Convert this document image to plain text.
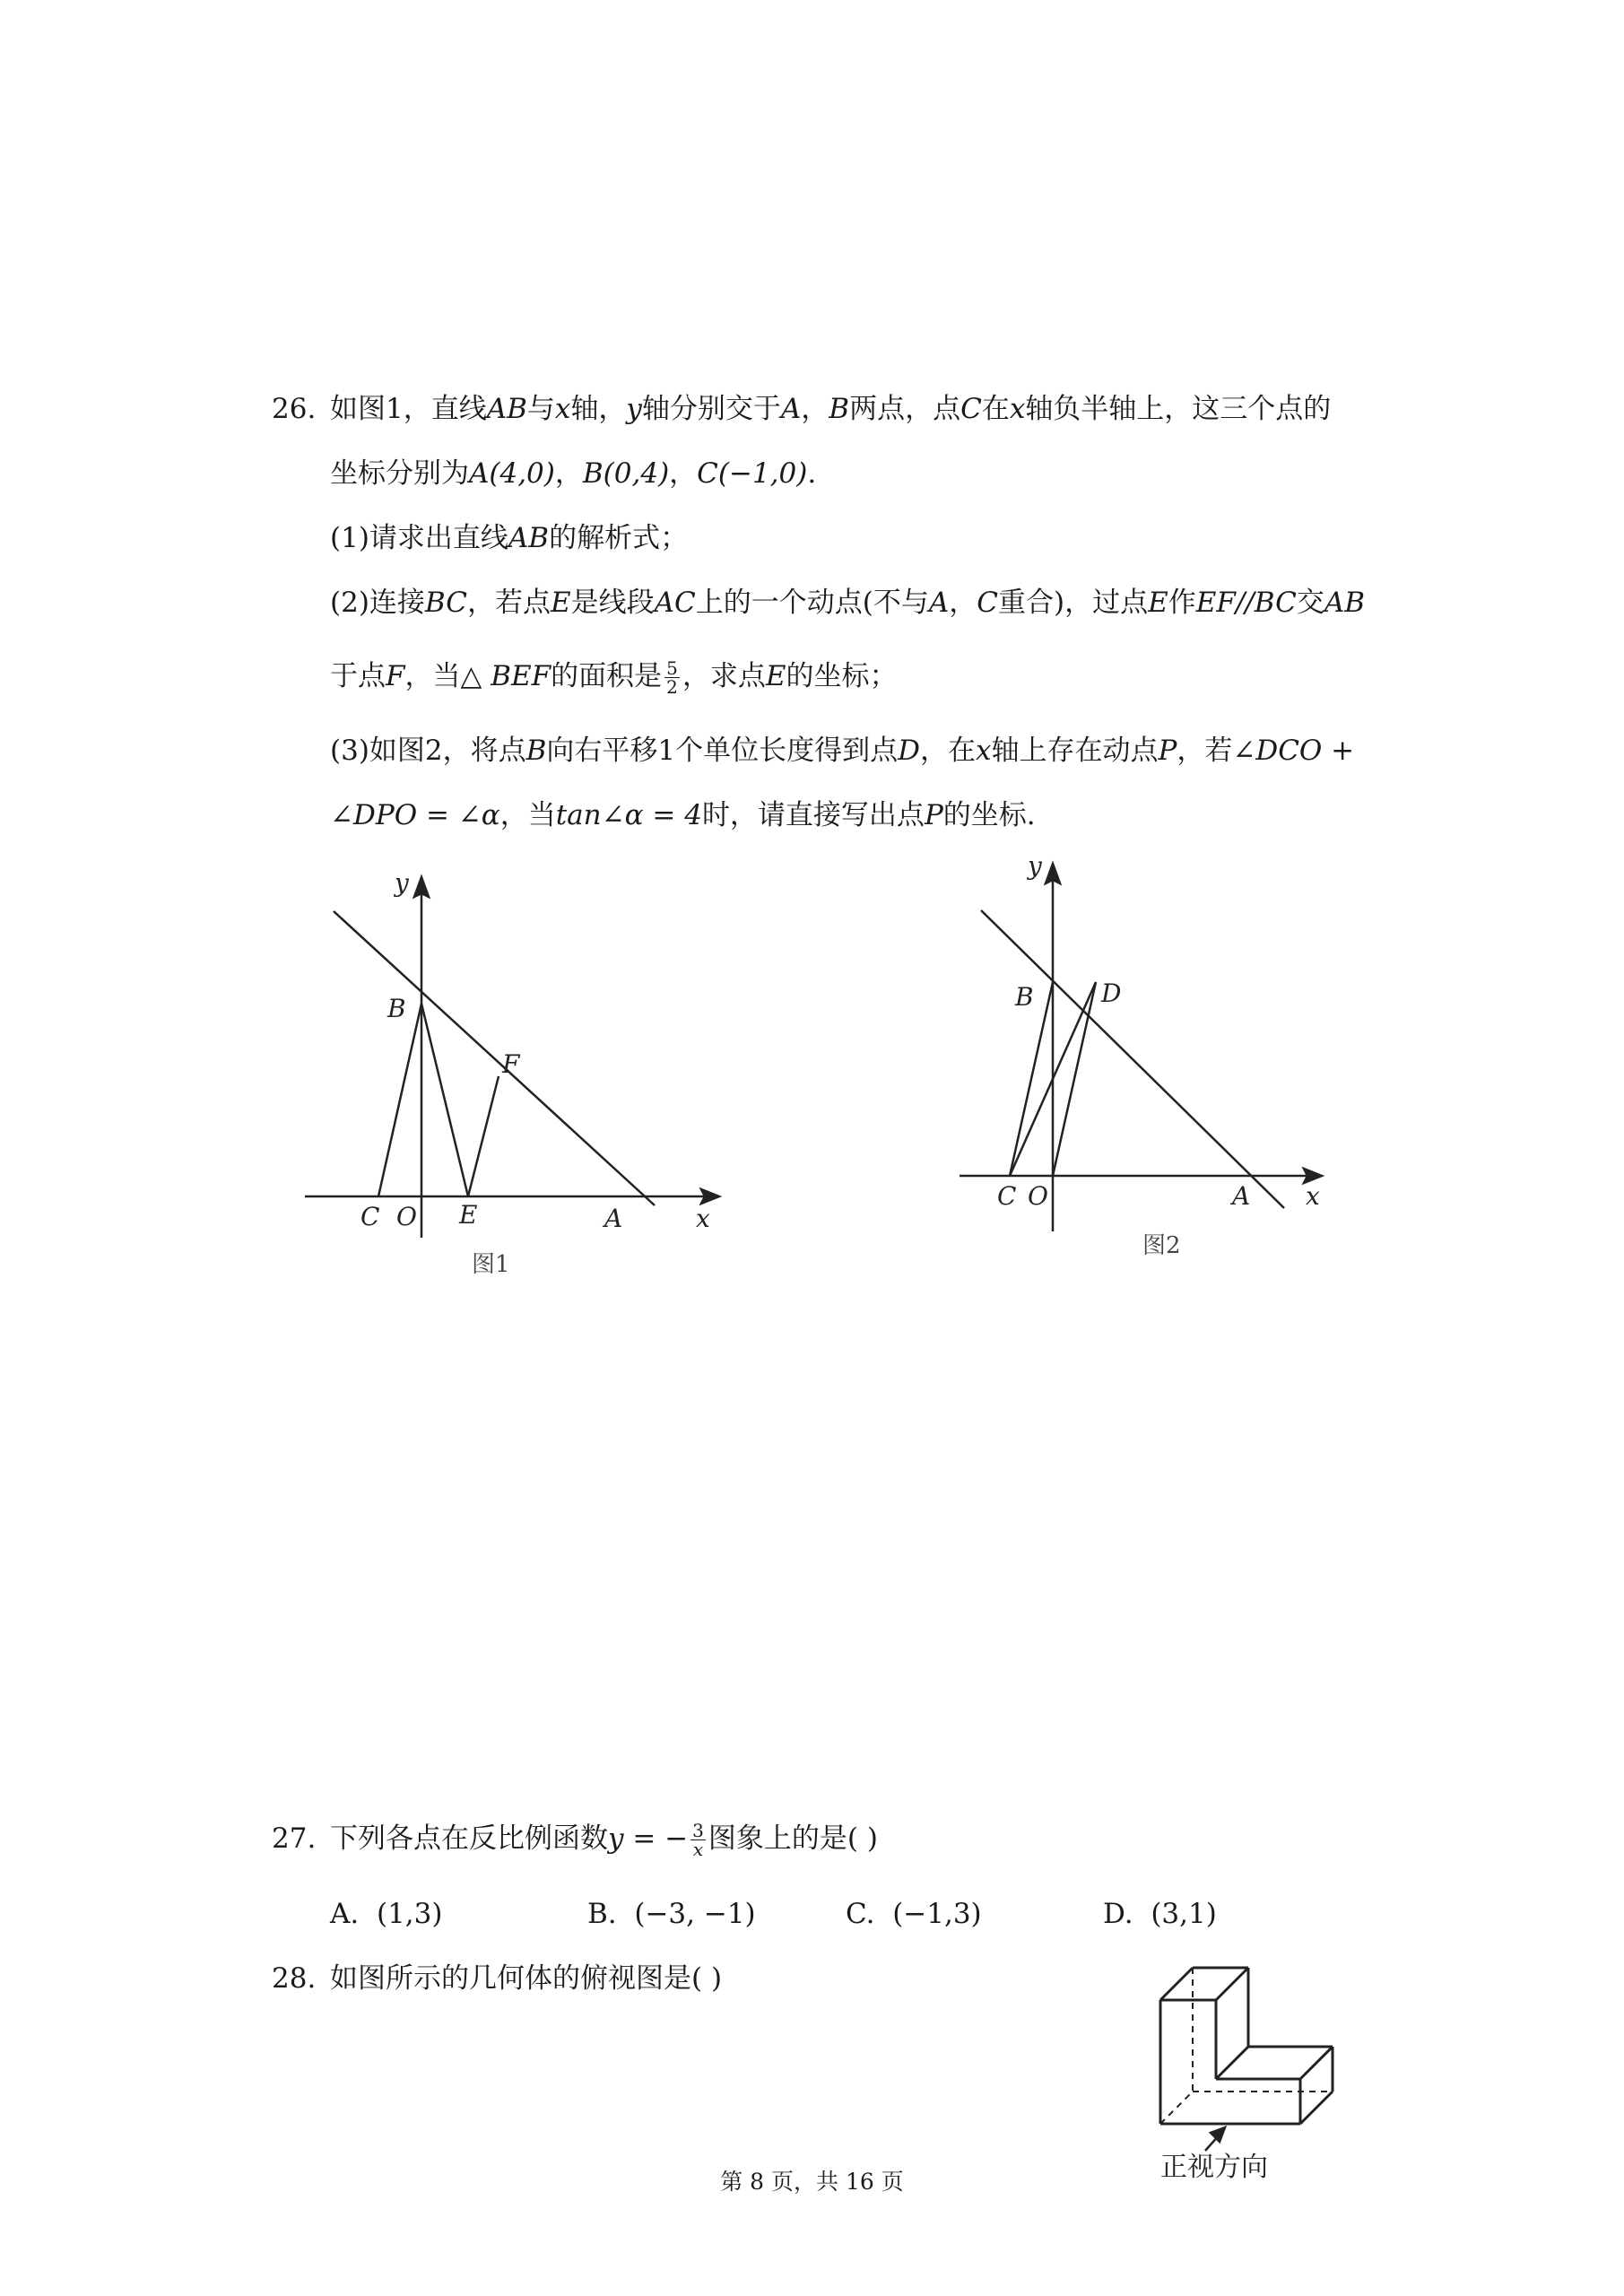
26. 如图1，直线AB与x轴，y轴分别交于A，B两点，点C在x轴负半轴上，这三个点的
坐标分别为A(4,0)，B(0,4)，C(−1,0).
(1)请求出直线AB的解析式；
(2)连接BC，若点E是线段AC上的一个动点(不与A，C重合)，过点E作EF//BC交AB
于点F，当△ BEF的面积是 $\frac{5}{2}$ ，求点E的坐标；
(3)如图2，将点B向右平移1个单位长度得到点D，在x轴上存在动点P，若∠DCO +
∠DPO = ∠α，当tan∠α = 4时，请直接写出点P的坐标.
y
B
F
C O E	A	x
图1
y
B	D
C O	A x
图2
27. 下列各点在反比例函数y = − $\frac{3}{x}$ 图象上的是( )
A. (1,3)	B. (−3, −1)	C. (−1,3)	D. (3,1)
28. 如图所示的几何体的俯视图是( )
正视方向
第 8 页，共 16 页
